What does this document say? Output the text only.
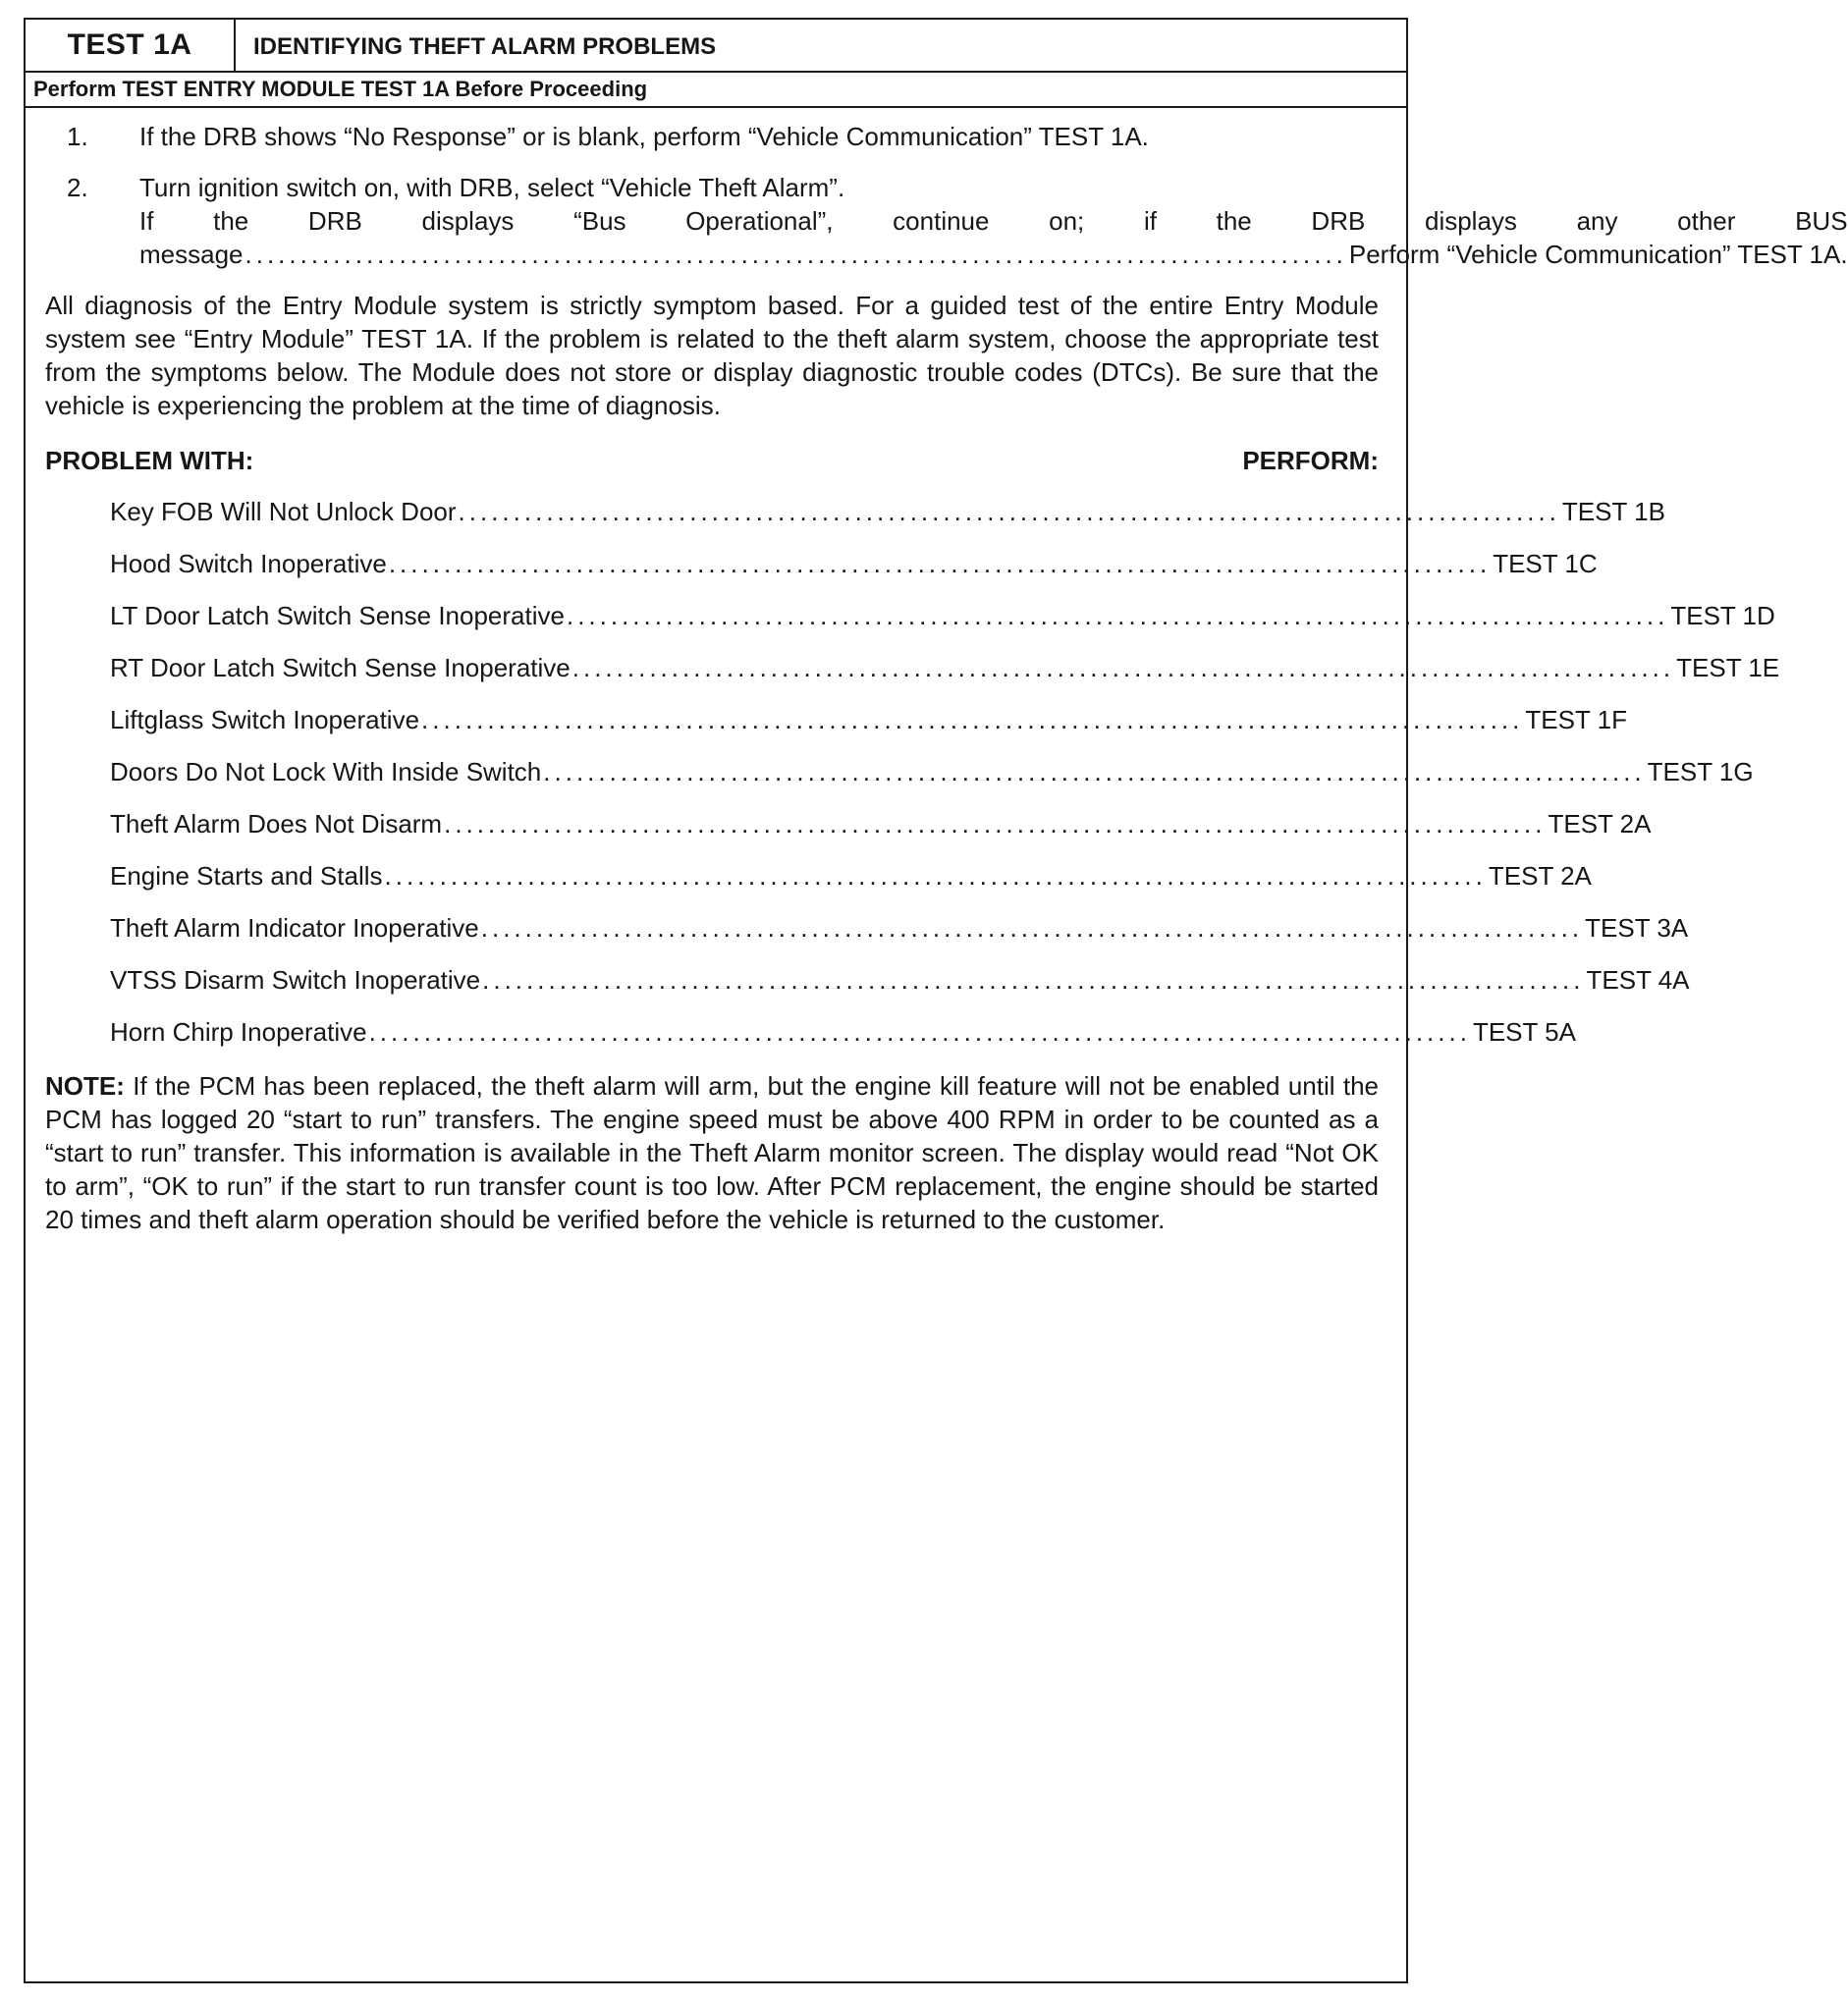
TEST 1A	IDENTIFYING THEFT ALARM PROBLEMS
Perform TEST ENTRY MODULE TEST 1A Before Proceeding
1.	If the DRB shows “No Response” or is blank, perform “Vehicle Communication” TEST 1A.
2.	Turn ignition switch on, with DRB, select “Vehicle Theft Alarm”.
If the DRB displays “Bus Operational”, continue on; if the DRB displays any other BUS
message .................................................................................................... Perform “Vehicle Communication” TEST 1A.
All diagnosis of the Entry Module system is strictly symptom based. For a guided test of the entire Entry Module system see “Entry Module” TEST 1A. If the problem is related to the theft alarm system, choose the appropriate test from the symptoms below. The Module does not store or display diagnostic trouble codes (DTCs). Be sure that the vehicle is experiencing the problem at the time of diagnosis.
PROBLEM WITH:	PERFORM:
Key FOB Will Not Unlock Door .................................................................................................... TEST 1B
Hood Switch Inoperative .................................................................................................... TEST 1C
LT Door Latch Switch Sense Inoperative .................................................................................................... TEST 1D
RT Door Latch Switch Sense Inoperative .................................................................................................... TEST 1E
Liftglass Switch Inoperative .................................................................................................... TEST 1F
Doors Do Not Lock With Inside Switch .................................................................................................... TEST 1G
Theft Alarm Does Not Disarm .................................................................................................... TEST 2A
Engine Starts and Stalls .................................................................................................... TEST 2A
Theft Alarm Indicator Inoperative .................................................................................................... TEST 3A
VTSS Disarm Switch Inoperative .................................................................................................... TEST 4A
Horn Chirp Inoperative .................................................................................................... TEST 5A
NOTE: If the PCM has been replaced, the theft alarm will arm, but the engine kill feature will not be enabled until the PCM has logged 20 “start to run” transfers. The engine speed must be above 400 RPM in order to be counted as a “start to run” transfer. This information is available in the Theft Alarm monitor screen. The display would read “Not OK to arm”, “OK to run” if the start to run transfer count is too low. After PCM replacement, the engine should be started 20 times and theft alarm operation should be verified before the vehicle is returned to the customer.
